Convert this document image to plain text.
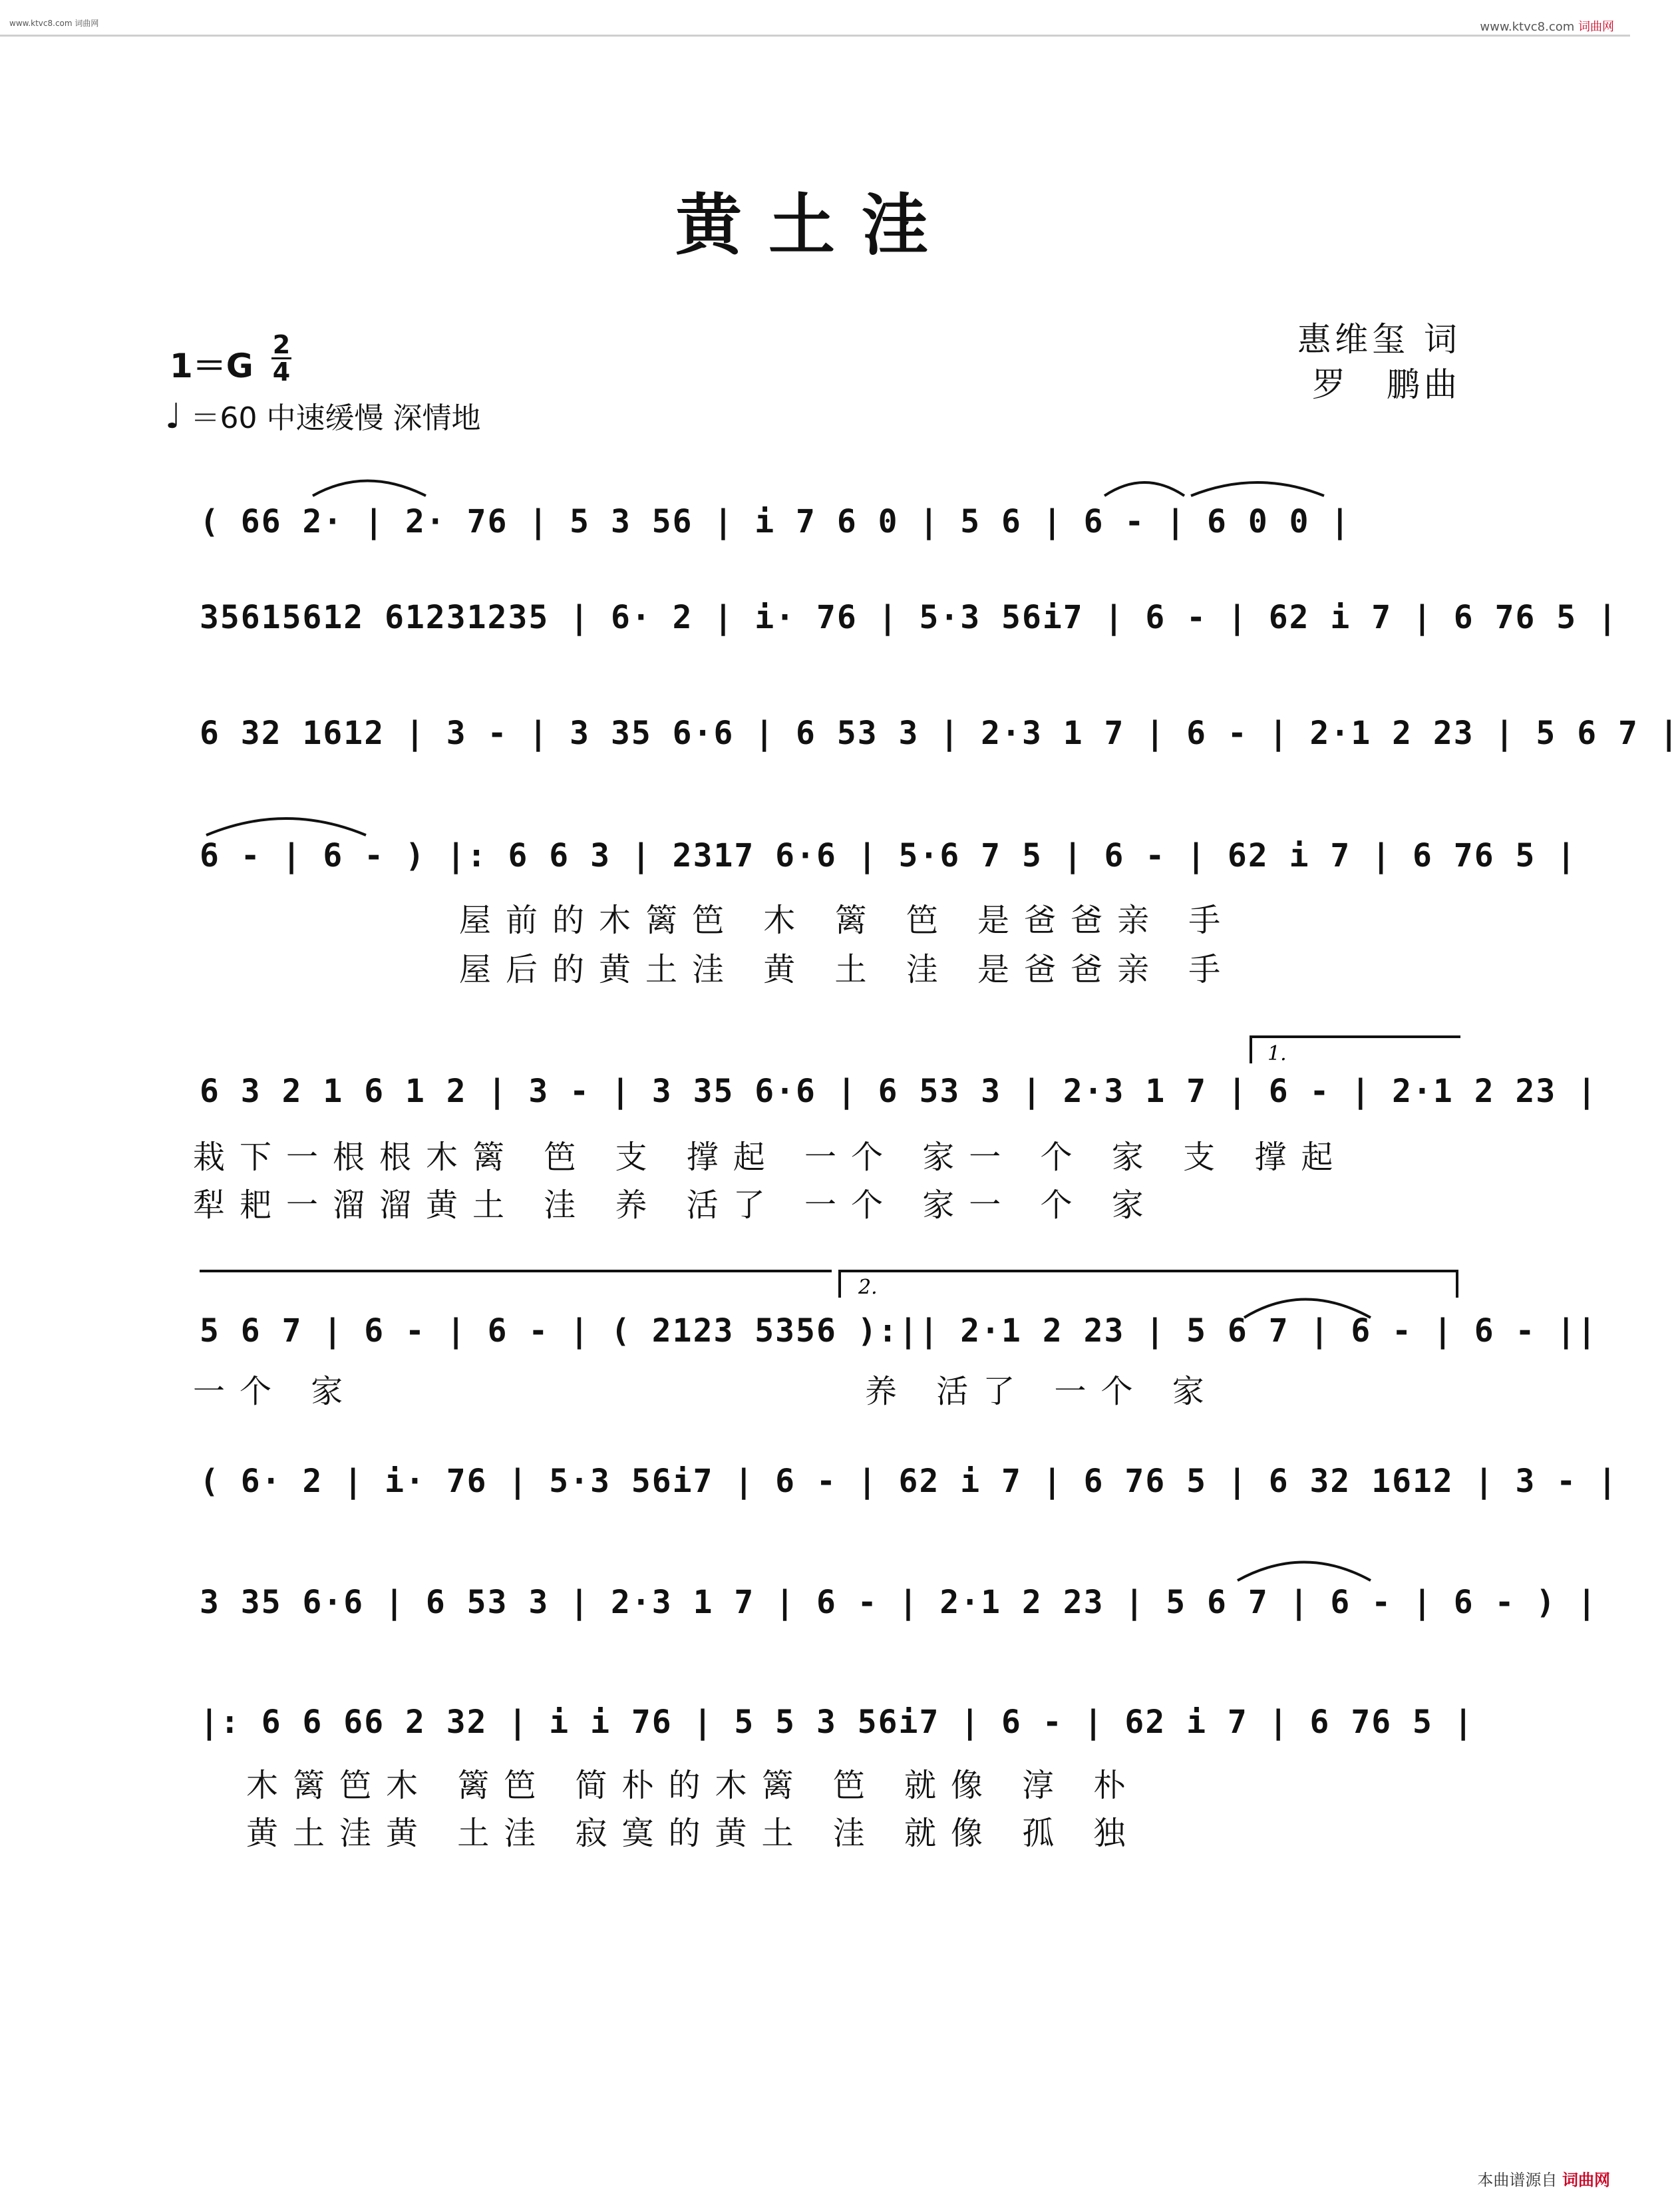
www.ktvc8.com 词曲网	www.ktvc8.com 词曲网
黄土洼
惠维玺 词
罗　鹏曲
1＝G
2
4
♩ ＝60 中速缓慢 深情地
1.
2.
( 66 2· | 2· 76 | 5 3 56 | i 7 6 0 | 5 6 | 6 - | 6 0 0 |
35615612 61231235 | 6· 2 | i· 76 | 5·3 56i7 | 6 - | 62 i 7 | 6 76 5 |
6 32 1612 | 3 - | 3 35 6·6 | 6 53 3 | 2·3 1 7 | 6 - | 2·1 2 23 | 5 6 7 |
6 - | 6 - ) |: 6 6 3 | 2317 6·6 | 5·6 7 5 | 6 - | 62 i 7 | 6 76 5 |
屋前的木篱笆 木 篱 笆 是爸爸亲 手
屋后的黄土洼 黄 土 洼 是爸爸亲 手
6 3 2 1 6 1 2 | 3 - | 3 35 6·6 | 6 53 3 | 2·3 1 7 | 6 - | 2·1 2 23 |
栽下一根根木篱 笆 支 撑起 一个 家一 个 家 支 撑起
犁耙一溜溜黄土 洼 养 活了 一个 家一 个 家
5 6 7 | 6 - | 6 - | ( 2123 5356 ):|| 2·1 2 23 | 5 6 7 | 6 - | 6 - ||
一个 家	养 活了 一个 家
( 6· 2 | i· 76 | 5·3 56i7 | 6 - | 62 i 7 | 6 76 5 | 6 32 1612 | 3 - |
3 35 6·6 | 6 53 3 | 2·3 1 7 | 6 - | 2·1 2 23 | 5 6 7 | 6 - | 6 - ) |
|: 6 6 66 2 32 | i i 76 | 5 5 3 56i7 | 6 - | 62 i 7 | 6 76 5 |
木篱笆木 篱笆 简朴的木篱 笆 就像 淳 朴
黄土洼黄 土洼 寂寞的黄土 洼 就像 孤 独
本曲谱源自 词曲网
